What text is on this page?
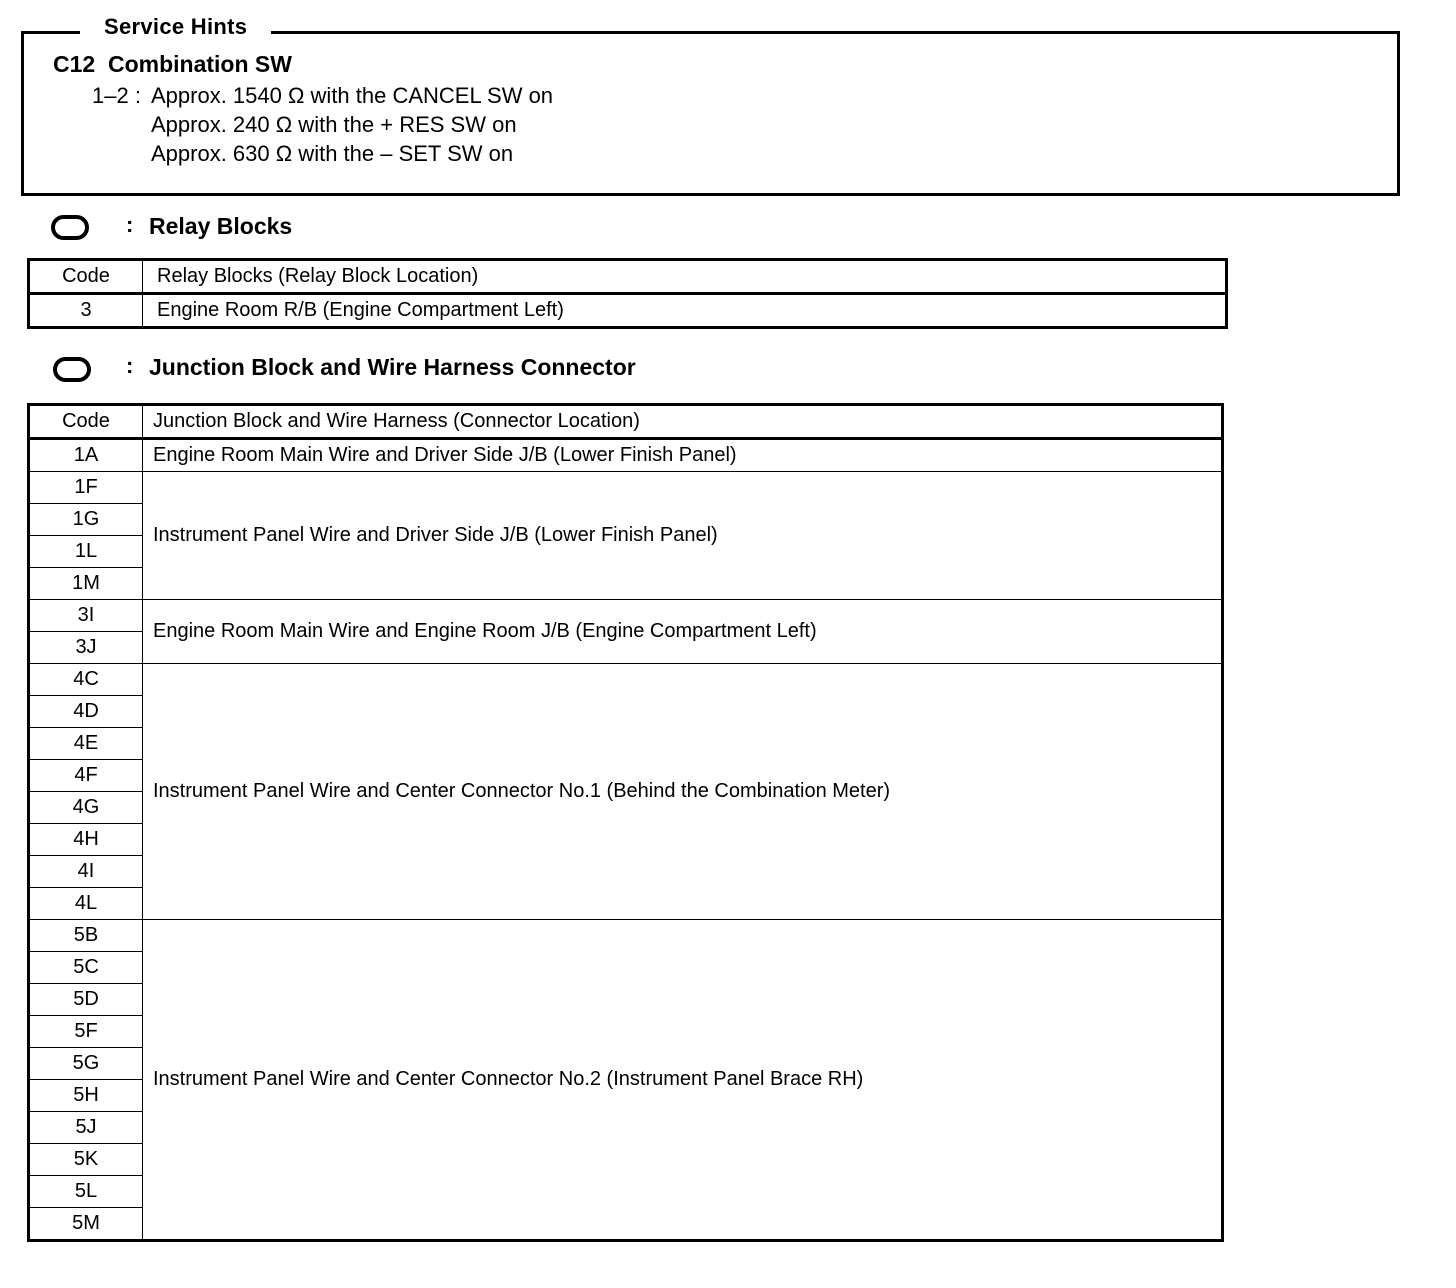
Service Hints
C12  Combination SW
1–2 : Approx. 1540 Ω with the CANCEL SW on
Approx. 240 Ω with the + RES SW on
Approx. 630 Ω with the – SET SW on
: Relay Blocks
Code	Relay Blocks (Relay Block Location)
3	Engine Room R/B (Engine Compartment Left)
: Junction Block and Wire Harness Connector
Code	Junction Block and Wire Harness (Connector Location)
1A	Engine Room Main Wire and Driver Side J/B (Lower Finish Panel)
1F	Instrument Panel Wire and Driver Side J/B (Lower Finish Panel)
1G	
1L	
1M	
3I	Engine Room Main Wire and Engine Room J/B (Engine Compartment Left)
3J	
4C	Instrument Panel Wire and Center Connector No.1 (Behind the Combination Meter)
4D	
4E	
4F	
4G	
4H	
4I	
4L	
5B	Instrument Panel Wire and Center Connector No.2 (Instrument Panel Brace RH)
5C	
5D	
5F	
5G	
5H	
5J	
5K	
5L	
5M	
